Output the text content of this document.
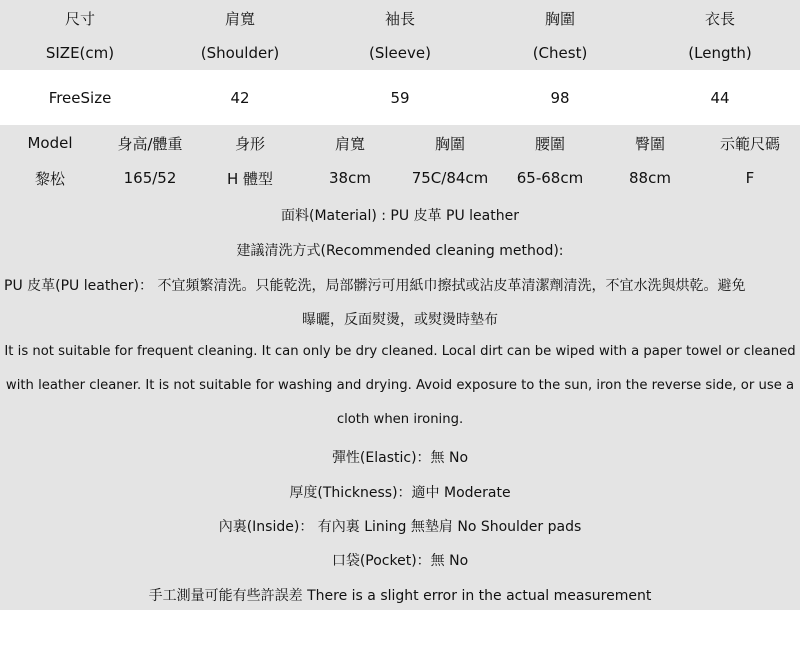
尺寸	肩寬	袖長	胸圍	衣長
SIZE(cm)	(Shoulder)	(Sleeve)	(Chest)	(Length)
FreeSize	42	59	98	44
Model	身高/體重	身形	肩寬	胸圍	腰圍	臀圍	示範尺碼
黎松	165/52	H 體型	38cm	75C/84cm	65-68cm	88cm	F
面料(Material) : PU 皮革 PU leather
建議清洗方式(Recommended cleaning method):
PU 皮革(PU leather)： 不宜頻繁清洗。只能乾洗，局部髒污可用紙巾擦拭或沾皮革清潔劑清洗，不宜水洗與烘乾。避免
曝曬，反面熨燙，或熨燙時墊布
It is not suitable for frequent cleaning. It can only be dry cleaned. Local dirt can be wiped with a paper towel or cleaned
with leather cleaner. It is not suitable for washing and drying. Avoid exposure to the sun, iron the reverse side, or use a
cloth when ironing.
彈性(Elastic)：無 No
厚度(Thickness)：適中 Moderate
內裏(Inside)： 有內裏 Lining 無墊肩 No Shoulder pads
口袋(Pocket)：無 No
手工測量可能有些許誤差 There is a slight error in the actual measurement
